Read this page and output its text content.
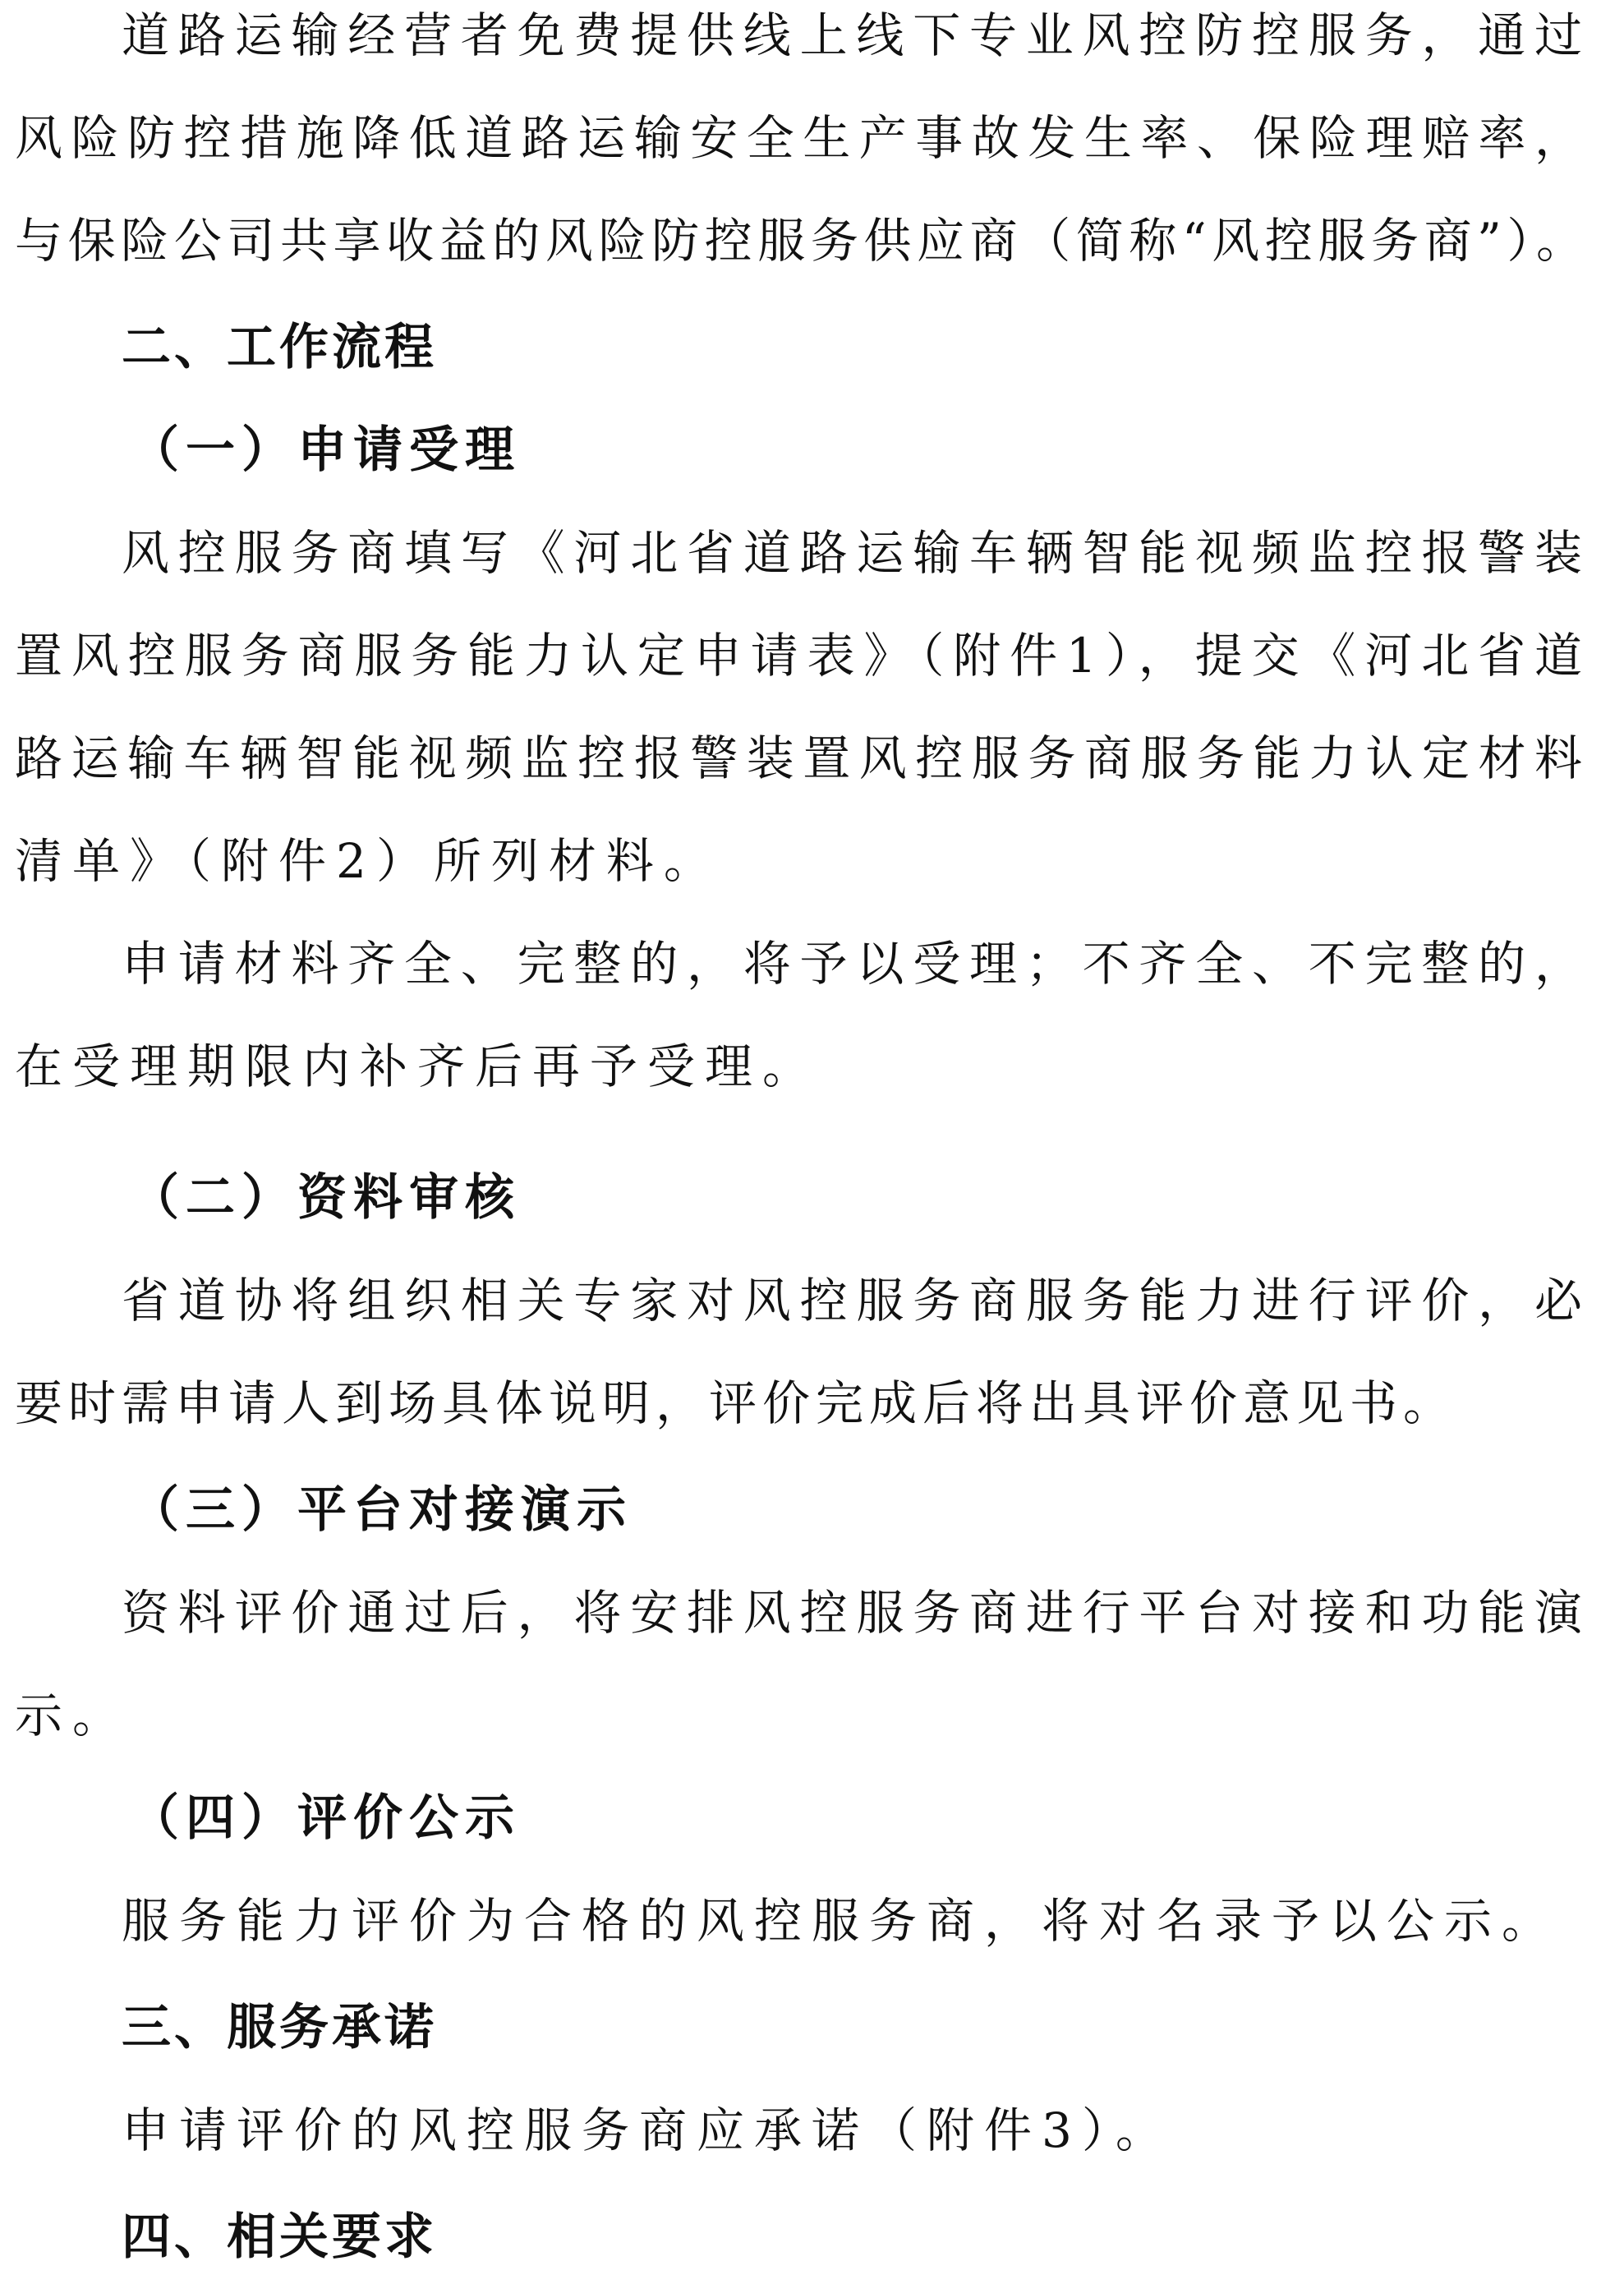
道路运输经营者免费提供线上线下专业风控防控服务，通过
风险防控措施降低道路运输安全生产事故发生率、保险理赔率，
与保险公司共享收益的风险防控服务供应商（简称“风控服务商”）。
二、工作流程
（一）申请受理
风控服务商填写《河北省道路运输车辆智能视频监控报警装
置风控服务商服务能力认定申请表》（附件1），提交《河北省道
路运输车辆智能视频监控报警装置风控服务商服务能力认定材料
清单》（附件2）所列材料。
申请材料齐全、完整的，将予以受理；不齐全、不完整的，
在受理期限内补齐后再予受理。
（二）资料审核
省道协将组织相关专家对风控服务商服务能力进行评价，必
要时需申请人到场具体说明，评价完成后将出具评价意见书。
（三）平台对接演示
资料评价通过后，将安排风控服务商进行平台对接和功能演
示。
（四）评价公示
服务能力评价为合格的风控服务商，将对名录予以公示。
三、服务承诺
申请评价的风控服务商应承诺（附件3）。
四、相关要求
